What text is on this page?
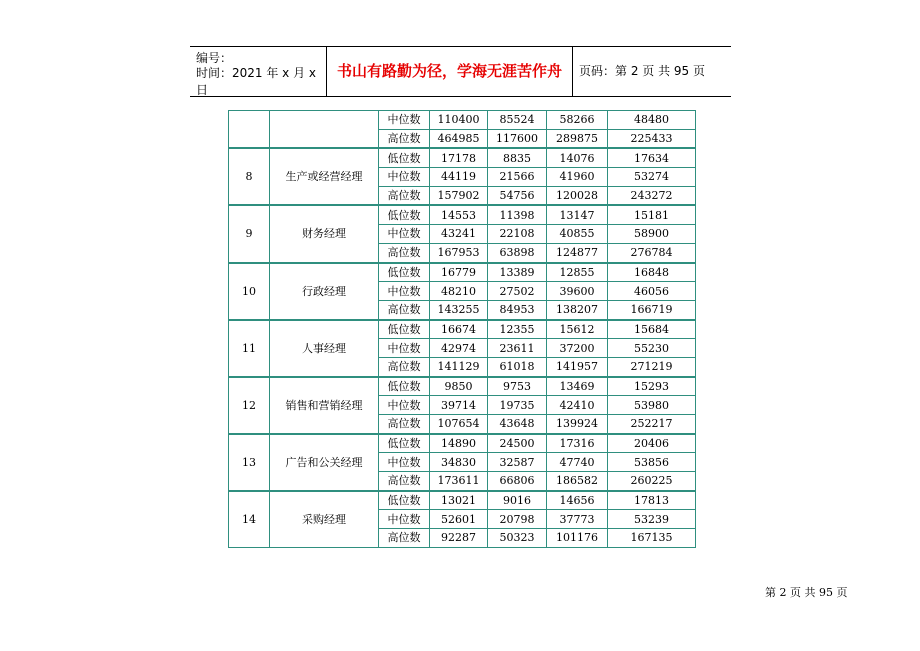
编号：
时间：2021 年 x 月 x 日
书山有路勤为径，学海无涯苦作舟	页码：第 2 页 共 95 页
		中位数	110400	85524	58266	48480
		高位数	464985	117600	289875	225433
8	生产或经营经理	低位数	17178	8835	14076	17634
		中位数	44119	21566	41960	53274
		高位数	157902	54756	120028	243272
9	财务经理	低位数	14553	11398	13147	15181
		中位数	43241	22108	40855	58900
		高位数	167953	63898	124877	276784
10	行政经理	低位数	16779	13389	12855	16848
		中位数	48210	27502	39600	46056
		高位数	143255	84953	138207	166719
11	人事经理	低位数	16674	12355	15612	15684
		中位数	42974	23611	37200	55230
		高位数	141129	61018	141957	271219
12	销售和营销经理	低位数	9850	9753	13469	15293
		中位数	39714	19735	42410	53980
		高位数	107654	43648	139924	252217
13	广告和公关经理	低位数	14890	24500	17316	20406
		中位数	34830	32587	47740	53856
		高位数	173611	66806	186582	260225
14	采购经理	低位数	13021	9016	14656	17813
		中位数	52601	20798	37773	53239
		高位数	92287	50323	101176	167135
第 2 页 共 95 页
